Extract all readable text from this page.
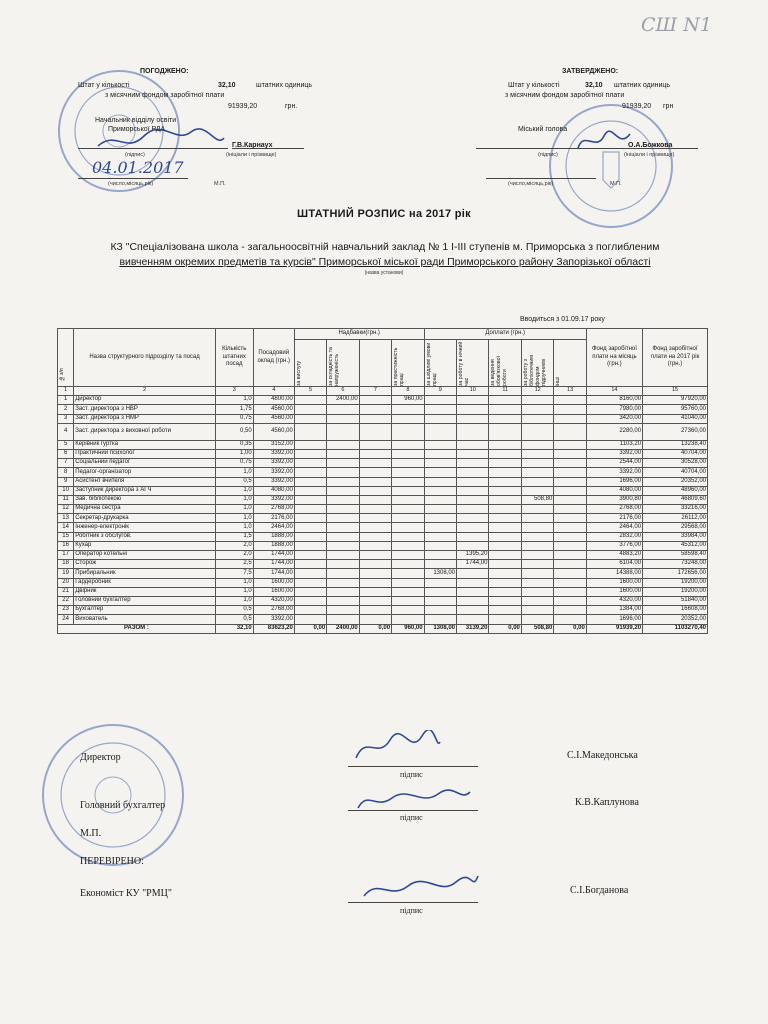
СШ N1
ПОГОДЖЕНО:
Штат у кількості	32,10	штатних одиниць
з місячним фондом заробітної плати
91939,20	грн.
Начальник відділу освіти
Приморської РДА
Г.В.Карнаух
(підпис)	(ініціали і прізвище)
04.01.2017
(число,місяць,рік)	М.П.
ЗАТВЕРДЖЕНО:
Штат у кількості	32,10 штатних одиниць
з місячним фондом заробітної плати
91939,20 грн
Міський голова
О.А.Божкова
(підпис)	(ініціали і прізвище)
(число,місяць,рік)	М.П.
ШТАТНИЙ РОЗПИС на 2017 рік
КЗ "Спеціалізована школа - загальноосвітній навчальний заклад № 1 І-ІІІ ступенів м. Приморська з поглибленим
вивченням окремих предметів та курсів" Приморської міської ради Приморського району Запорізької області
(назва установи)
Вводиться з 01.09.17 року
№з/п	Назва структурного підрозділу та посад	Кількість штатних посад	Посадовий оклад (грн.)	Надбавки(грн.)				Доплати (грн.)					Фонд заробітної плати на місяць (грн.)	Фонд заробітної плати на 2017 рік (грн.)

				за вислугу	за складність та напруженість		за престижність праці	за шкідливі умови праці	за роботу в нічний час	за ведення обов'язкової роботи	за роботу з бібліотечним фондом підручників	інші		

1	2	3	4	5	6	7	8	9	10	11	12	13	14	15
1	Директор	1,0	4800,00		2400,00		960,00						8160,00	97920,00
2	Заст. директора з НВР	1,75	4560,00										7980,00	95760,00
3	Заст. директора з НМР	0,75	4560,00										3420,00	41040,00
4	Заст. директора з виховної роботи	0,50	4560,00										2280,00	27360,00
5	Керівник гуртка	0,35	3152,00										1103,20	13238,40
6	Практичний психолог	1,00	3392,00										3392,00	40704,00
7	Соціальний педагог	0,75	3392,00										2544,00	30528,00
8	Педагог-організатор	1,0	3392,00										3392,00	40704,00
9	Асистент вчителя	0,5	3392,00										1696,00	20352,00
10	Заступник директора з АГЧ	1,0	4080,00										4080,00	48960,00
11	Зав. бібліотекою	1,0	3392,00								508,80		3900,80	46809,60
12	Медична сестра	1,0	2768,00										2768,00	33216,00
13	Секретар-друкарка	1,0	2176,00										2176,00	26112,00
14	Інженер-електронік	1,0	2464,00										2464,00	29568,00
15	Робітник з обслугов.	1,5	1888,00										2832,00	33984,00
16	Кухар	2,0	1888,00										3776,00	45312,00
17	Оператор котельні	2,0	1744,00						1395,20				4883,20	58598,40
18	Сторож	2,5	1744,00						1744,00				6104,00	73248,00
19	Прибиральник	7,5	1744,00					1308,00					14388,00	172656,00
20	Гардеробник	1,0	1600,00										1600,00	19200,00
21	Двірник	1,0	1600,00										1600,00	19200,00
22	Головний бухгалтер	1,0	4320,00										4320,00	51840,00
23	Бухгалтер	0,5	2768,00										1384,00	16608,00
24	Вихователь	0,5	3392,00										1696,00	20352,00
РАЗОМ :		32,10	83623,20	0,00	2400,00	0,00	960,00	1308,00	3139,20	0,00	508,80	0,00	91939,20	1103270,40
Директор
підпис
С.І.Македонська
Головний бухгалтер
підпис
К.В.Каплунова
М.П.
ПЕРЕВІРЕНО:
Економіст КУ "РМЦ"
підпис
С.І.Богданова
